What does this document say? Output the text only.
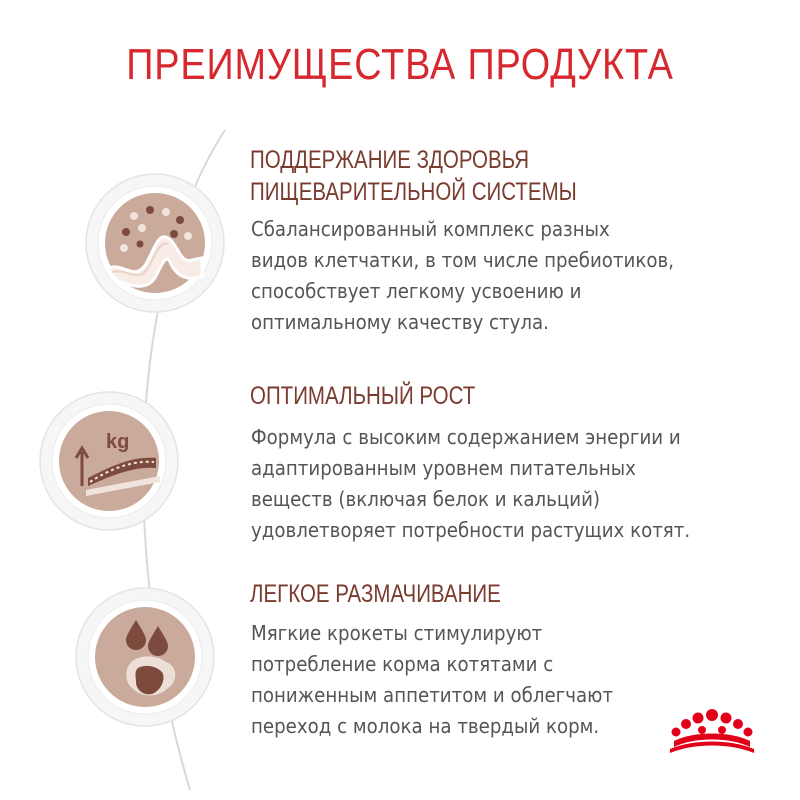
ПРЕИМУЩЕСТВА ПРОДУКТА
kg
ПОДДЕРЖАНИЕ ЗДОРОВЬЯ
ПИЩЕВАРИТЕЛЬНОЙ СИСТЕМЫ
Сбалансированный комплекс разных
видов клетчатки, в том числе пребиотиков,
способствует легкому усвоению и
оптимальному качеству стула.
ОПТИМАЛЬНЫЙ РОСТ
Формула с высоким содержанием энергии и
адаптированным уровнем питательных
веществ (включая белок и кальций)
удовлетворяет потребности растущих котят.
ЛЕГКОЕ РАЗМАЧИВАНИЕ
Мягкие крокеты стимулируют
потребление корма котятами с
пониженным аппетитом и облегчают
переход с молока на твердый корм.
